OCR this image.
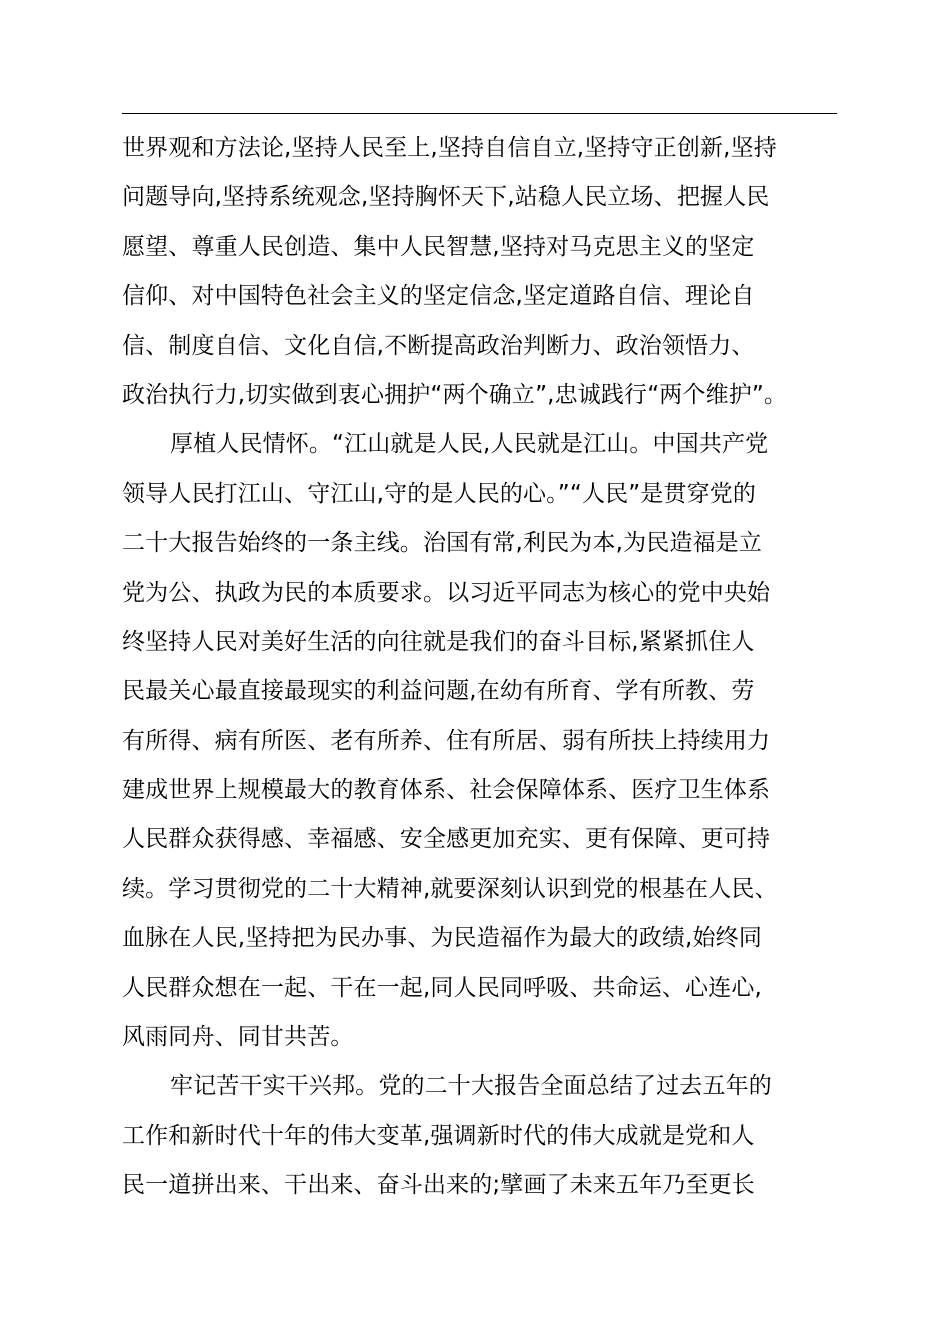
世界观和方法论,坚持人民至上,坚持自信自立,坚持守正创新,坚持
问题导向,坚持系统观念,坚持胸怀天下,站稳人民立场、把握人民
愿望、尊重人民创造、集中人民智慧,坚持对马克思主义的坚定
信仰、对中国特色社会主义的坚定信念,坚定道路自信、理论自
信、制度自信、文化自信,不断提高政治判断力、政治领悟力、
政治执行力,切实做到衷心拥护“两个确立”,忠诚践行“两个维护”。
厚植人民情怀。“江山就是人民,人民就是江山。中国共产党
领导人民打江山、守江山,守的是人民的心。”“人民”是贯穿党的
二十大报告始终的一条主线。治国有常,利民为本,为民造福是立
党为公、执政为民的本质要求。以习近平同志为核心的党中央始
终坚持人民对美好生活的向往就是我们的奋斗目标,紧紧抓住人
民最关心最直接最现实的利益问题,在幼有所育、学有所教、劳
有所得、病有所医、老有所养、住有所居、弱有所扶上持续用力
建成世界上规模最大的教育体系、社会保障体系、医疗卫生体系
人民群众获得感、幸福感、安全感更加充实、更有保障、更可持
续。学习贯彻党的二十大精神,就要深刻认识到党的根基在人民、
血脉在人民,坚持把为民办事、为民造福作为最大的政绩,始终同
人民群众想在一起、干在一起,同人民同呼吸、共命运、心连心,
风雨同舟、同甘共苦。
牢记苦干实干兴邦。党的二十大报告全面总结了过去五年的
工作和新时代十年的伟大变革,强调新时代的伟大成就是党和人
民一道拼出来、干出来、奋斗出来的;擘画了未来五年乃至更长
